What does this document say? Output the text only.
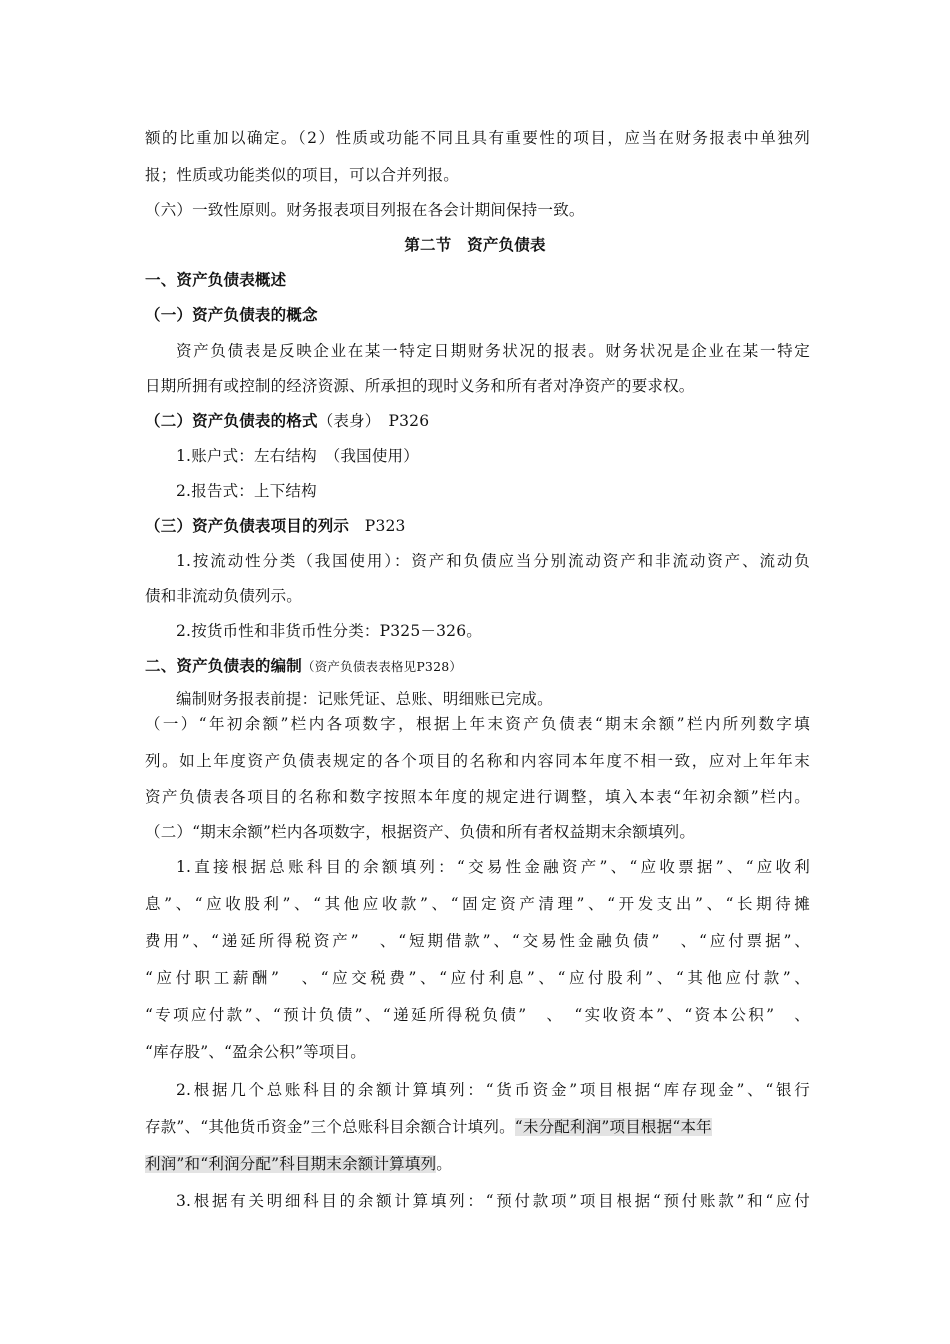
额的比重加以确定。（2）性质或功能不同且具有重要性的项目，应当在财务报表中单独列
报；性质或功能类似的项目，可以合并列报。
（六）一致性原则。财务报表项目列报在各会计期间保持一致。
第二节　资产负债表
一、资产负债表概述
（一）资产负债表的概念
资产负债表是反映企业在某一特定日期财务状况的报表。财务状况是企业在某一特定
日期所拥有或控制的经济资源、所承担的现时义务和所有者对净资产的要求权。
（二）资产负债表的格式（表身）　P326
1.账户式：左右结构　（我国使用）
2.报告式：上下结构
（三）资产负债表项目的列示　P323
1.按流动性分类（我国使用）：资产和负债应当分别流动资产和非流动资产、流动负
债和非流动负债列示。
2.按货币性和非货币性分类：P325－326。
二、资产负债表的编制（资产负债表表格见P328）
编制财务报表前提：记账凭证、总账、明细账已完成。
（一）“年初余额”栏内各项数字，根据上年末资产负债表“期末余额”栏内所列数字填
列。如上年度资产负债表规定的各个项目的名称和内容同本年度不相一致，应对上年年末
资产负债表各项目的名称和数字按照本年度的规定进行调整，填入本表“年初余额”栏内。
（二）“期末余额”栏内各项数字，根据资产、负债和所有者权益期末余额填列。
1.直接根据总账科目的余额填列：“交易性金融资产”、“应收票据”、“应收利
息”、“应收股利”、“其他应收款”、“固定资产清理”、“开发支出”、“长期待摊
费用”、“递延所得税资产”　、“短期借款”、“交易性金融负债”　、“应付票据”、
“应付职工薪酬”　、“应交税费”、“应付利息”、“应付股利”、“其他应付款”、
“专项应付款”、“预计负债”、“递延所得税负债”　、　“实收资本”、“资本公积”　、
“库存股”、“盈余公积”等项目。
2.根据几个总账科目的余额计算填列：“货币资金”项目根据“库存现金”、“银行
存款”、“其他货币资金”三个总账科目余额合计填列。“未分配利润”项目根据“本年
利润”和“利润分配”科目期末余额计算填列。
3.根据有关明细科目的余额计算填列：“预付款项”项目根据“预付账款”和“应付
